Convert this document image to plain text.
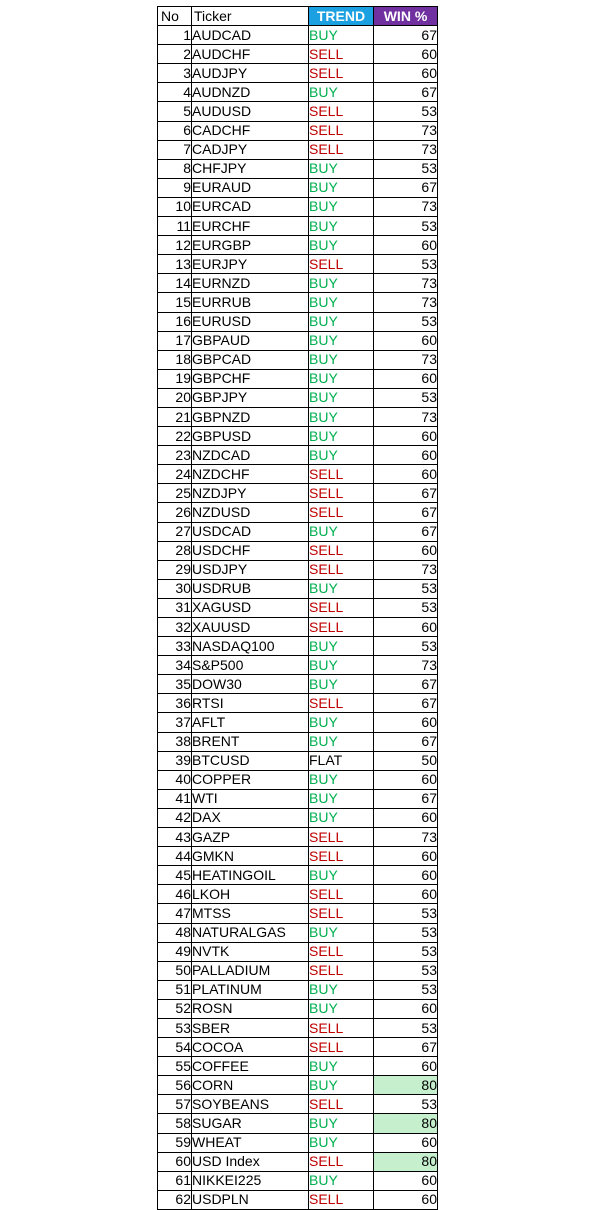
No	Ticker	TREND	WIN %
1	AUDCAD	BUY	67
2	AUDCHF	SELL	60
3	AUDJPY	SELL	60
4	AUDNZD	BUY	67
5	AUDUSD	SELL	53
6	CADCHF	SELL	73
7	CADJPY	SELL	73
8	CHFJPY	BUY	53
9	EURAUD	BUY	67
10	EURCAD	BUY	73
11	EURCHF	BUY	53
12	EURGBP	BUY	60
13	EURJPY	SELL	53
14	EURNZD	BUY	73
15	EURRUB	BUY	73
16	EURUSD	BUY	53
17	GBPAUD	BUY	60
18	GBPCAD	BUY	73
19	GBPCHF	BUY	60
20	GBPJPY	BUY	53
21	GBPNZD	BUY	73
22	GBPUSD	BUY	60
23	NZDCAD	BUY	60
24	NZDCHF	SELL	60
25	NZDJPY	SELL	67
26	NZDUSD	SELL	67
27	USDCAD	BUY	67
28	USDCHF	SELL	60
29	USDJPY	SELL	73
30	USDRUB	BUY	53
31	XAGUSD	SELL	53
32	XAUUSD	SELL	60
33	NASDAQ100	BUY	53
34	S&P500	BUY	73
35	DOW30	BUY	67
36	RTSI	SELL	67
37	AFLT	BUY	60
38	BRENT	BUY	67
39	BTCUSD	FLAT	50
40	COPPER	BUY	60
41	WTI	BUY	67
42	DAX	BUY	60
43	GAZP	SELL	73
44	GMKN	SELL	60
45	HEATINGOIL	BUY	60
46	LKOH	SELL	60
47	MTSS	SELL	53
48	NATURALGAS	BUY	53
49	NVTK	SELL	53
50	PALLADIUM	SELL	53
51	PLATINUM	BUY	53
52	ROSN	BUY	60
53	SBER	SELL	53
54	COCOA	SELL	67
55	COFFEE	BUY	60
56	CORN	BUY	80
57	SOYBEANS	SELL	53
58	SUGAR	BUY	80
59	WHEAT	BUY	60
60	USD Index	SELL	80
61	NIKKEI225	BUY	60
62	USDPLN	SELL	60
